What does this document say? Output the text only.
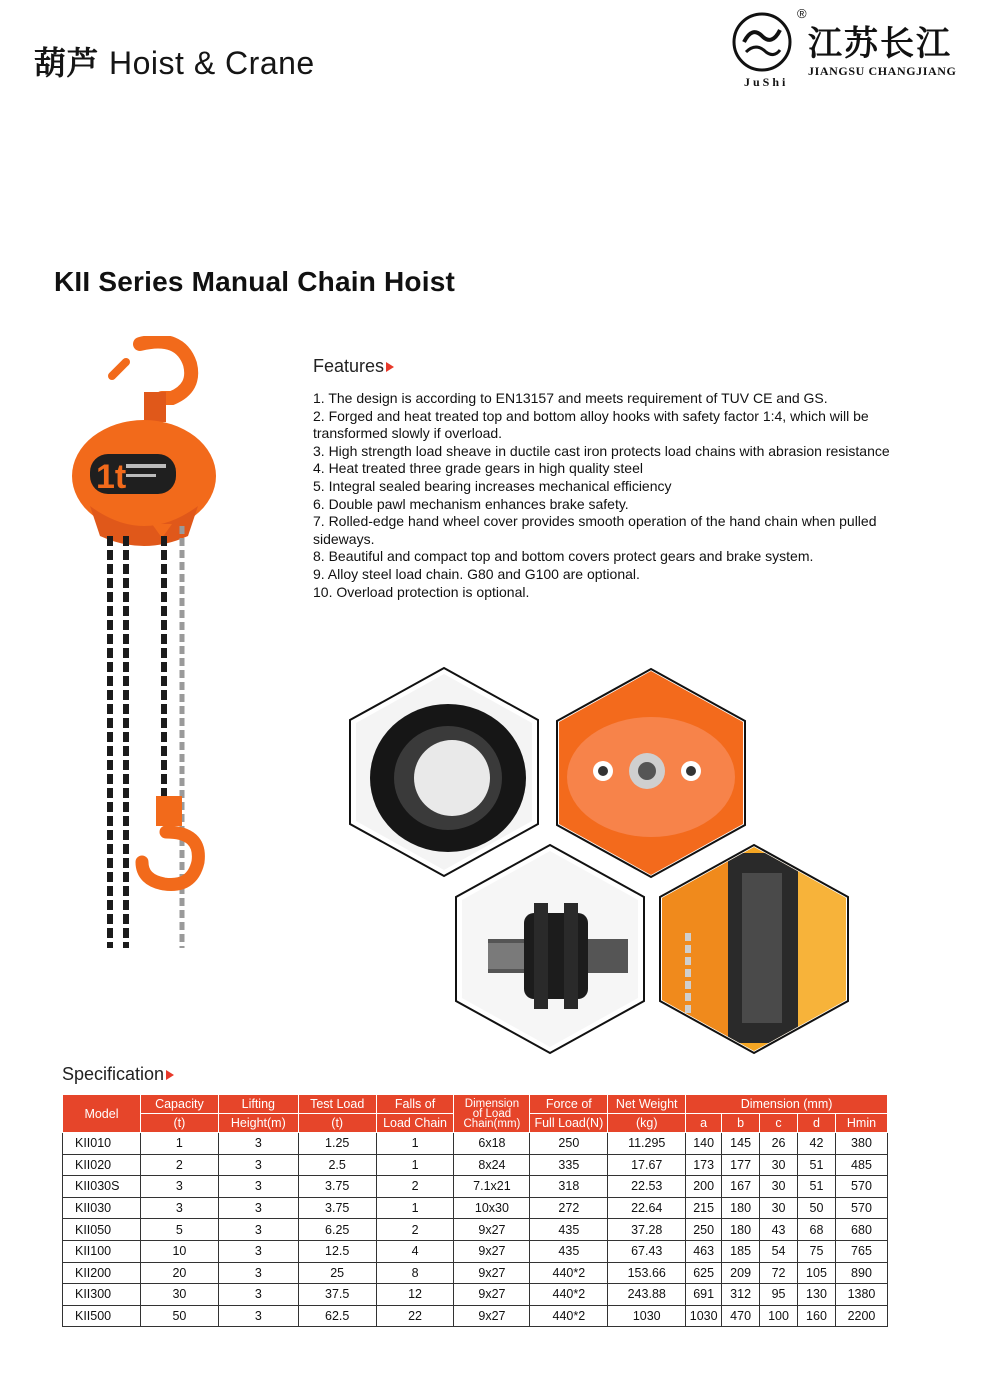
葫芦 Hoist & Crane
JuShi
®
江苏长江
JIANGSU CHANGJIANG
KII Series Manual Chain Hoist
1t
Features
1. The design is according to EN13157 and meets requirement of TUV CE and GS.
2. Forged and heat treated top and bottom alloy hooks with safety factor 1:4, which will be transformed slowly if overload.
3. High strength load sheave in ductile cast iron protects load chains with abrasion resistance
4. Heat treated three grade gears in high quality steel
5. Integral sealed bearing increases mechanical efficiency
6. Double pawl mechanism enhances brake safety.
7. Rolled-edge hand wheel cover provides smooth operation of the hand chain when pulled sideways.
8. Beautiful and compact top and bottom covers protect gears and brake system.
9. Alloy steel load chain. G80 and G100 are optional.
10. Overload protection is optional.
Specification
Model	Capacity	Lifting	Test Load	Falls of	Dimension
of Load
Chain(mm)	Force of	Net Weight	Dimension (mm)				
	(t)	Height(m)	(t)	Load Chain		Full Load(N)	(kg)	a	b	c	d	Hmin
KII010	1	3	1.25	1	6x18	250	11.295	140	145	26	42	380
KII020	2	3	2.5	1	8x24	335	17.67	173	177	30	51	485
KII030S	3	3	3.75	2	7.1x21	318	22.53	200	167	30	51	570
KII030	3	3	3.75	1	10x30	272	22.64	215	180	30	50	570
KII050	5	3	6.25	2	9x27	435	37.28	250	180	43	68	680
KII100	10	3	12.5	4	9x27	435	67.43	463	185	54	75	765
KII200	20	3	25	8	9x27	440*2	153.66	625	209	72	105	890
KII300	30	3	37.5	12	9x27	440*2	243.88	691	312	95	130	1380
KII500	50	3	62.5	22	9x27	440*2	1030	1030	470	100	160	2200
